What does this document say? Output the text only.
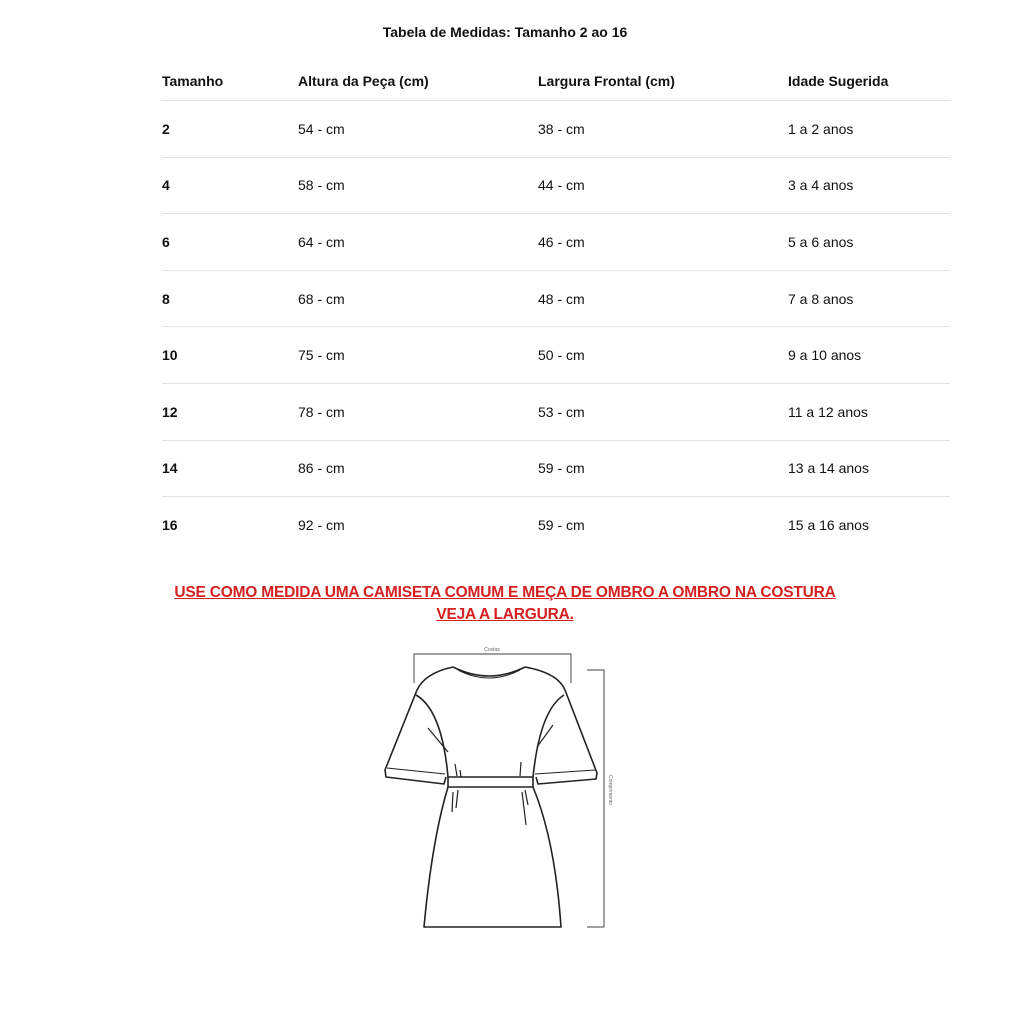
Tabela de Medidas: Tamanho 2 ao 16
Tamanho	Altura da Peça (cm)	Largura Frontal (cm)	Idade Sugerida
2	54 - cm	38 - cm	1 a 2 anos
4	58 - cm	44 - cm	3 a 4 anos
6	64 - cm	46 - cm	5 a 6 anos
8	68 - cm	48 - cm	7 a 8 anos
10	75 - cm	50 - cm	9 a 10 anos
12	78 - cm	53 - cm	11 a 12 anos
14	86 - cm	59 - cm	13 a 14 anos
16	92 - cm	59 - cm	15 a 16 anos
USE COMO MEDIDA UMA CAMISETA COMUM E MEÇA DE OMBRO A OMBRO NA COSTURA
VEJA A LARGURA.
Costas
Comprimento
